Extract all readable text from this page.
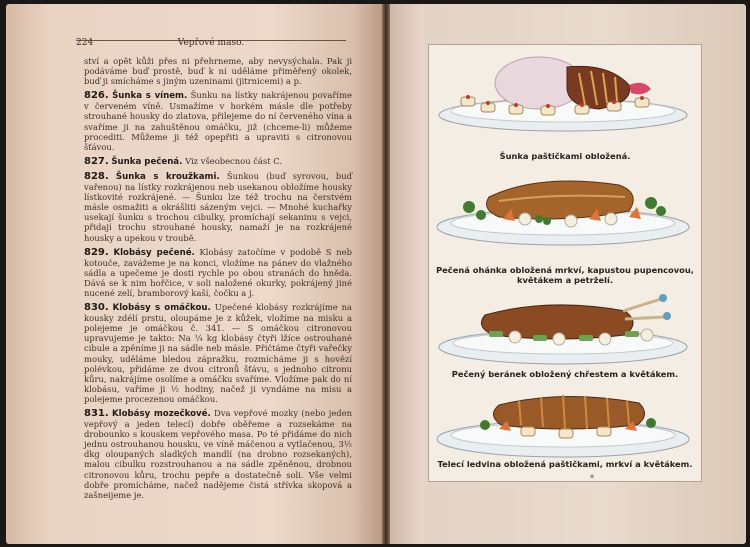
224	Vepřové maso.

ství a opět kůži přes ni přehrneme, aby nevysýchala. Pak ji podáváme buď prostě, buď k ní uděláme přiměřený okolek, buď ji smícháme s jiným uzeninami (jitrnicemi) a p.

826. Šunka s vínem. Šunku na lístky nakrájenou povaříme v červeném víně. Usmažíme v horkém másle dle potřeby strouhané housky do zlatova, přilejeme do ní červeného vína a svaříme ji na zahuštěnou omáčku, již (chceme-li) můžeme procediti. Můžeme ji též opepřiti a upraviti s citronovou šťávou.

827. Šunka pečená. Viz všeobecnou část C.

828. Šunka s kroužkami. Šunkou (buď syrovou, buď vařenou) na lístky rozkrájenou neb usekanou obložíme housky lístkovité rozkrájené. — Šunku lze též trochu na čerstvém másle osmažiti a okrášliti sázeným vejci. — Mnohé kuchařky usekají šunku s trochou cibulky, promíchají sekaninu s vejci, přidají trochu strouhané housky, namaží je na rozkrájené housky a upekou v troubě.

829. Klobásy pečené. Klobásy zatočíme v podobě S neb kotouče, zavážeme je na konci, vložíme na pánev do vlažného sádla a upečeme je dosti rychle po obou stranách do hněda. Dává se k nim hořčice, v soli naložené okurky, pokrájený jiné nucené zelí, bramborový kaší, čočku a j.

830. Klobásy s omáčkou. Upečené klobásy rozkrájíme na kousky zdélí prstu, oloupáme je z kůžek, vložíme na misku a polejeme je omáčkou č. 341. — S omáčkou citronovou upravujeme je takto: Na ¼ kg klobásy čtyři lžíce ostrouhané cibule a zpěníme ji na sádle neb másle. Přičtáme čtyři vařečky mouky, uděláme bledou zápražku, rozmícháme ji s hovězí polévkou, přidáme ze dvou citronů šťávu, s jednoho citronu kůru, nakrájíme osolíme a omáčku svaříme. Vložíme pak do ní klobásu, vaříme ji ½ hodiny, načež ji vyndáme na misu a polejeme procezenou omáčkou.

831. Klobásy mozečkové. Dva vepřové mozky (nebo jeden vepřový a jeden telecí) dobře oběřeme a rozsekáme na drobounko s kouskem vepřového masa. Po té přidáme do nich jednu ostrouhanou housku, ve víně máčenou a vytlačenou, 3½ dkg oloupaných sladkých mandlí (na drobno rozsekaných), malou cibulku rozstrouhanou a na sádle zpěněnou, drobnou citronovou kůru, trochu pepře a dostatečně soli. Vše velmi dobře promícháme, načež nadějeme čistá střívka skopová a zašneijeme je.

Šunka paštičkami obložená.
Pečená ohánka obložená mrkví, kapustou pupencovou, květákem a petrželí.
Pečený beránek obložený chřestem a květákem.
Telecí ledvina obložená paštičkami, mrkví a květákem.
*
